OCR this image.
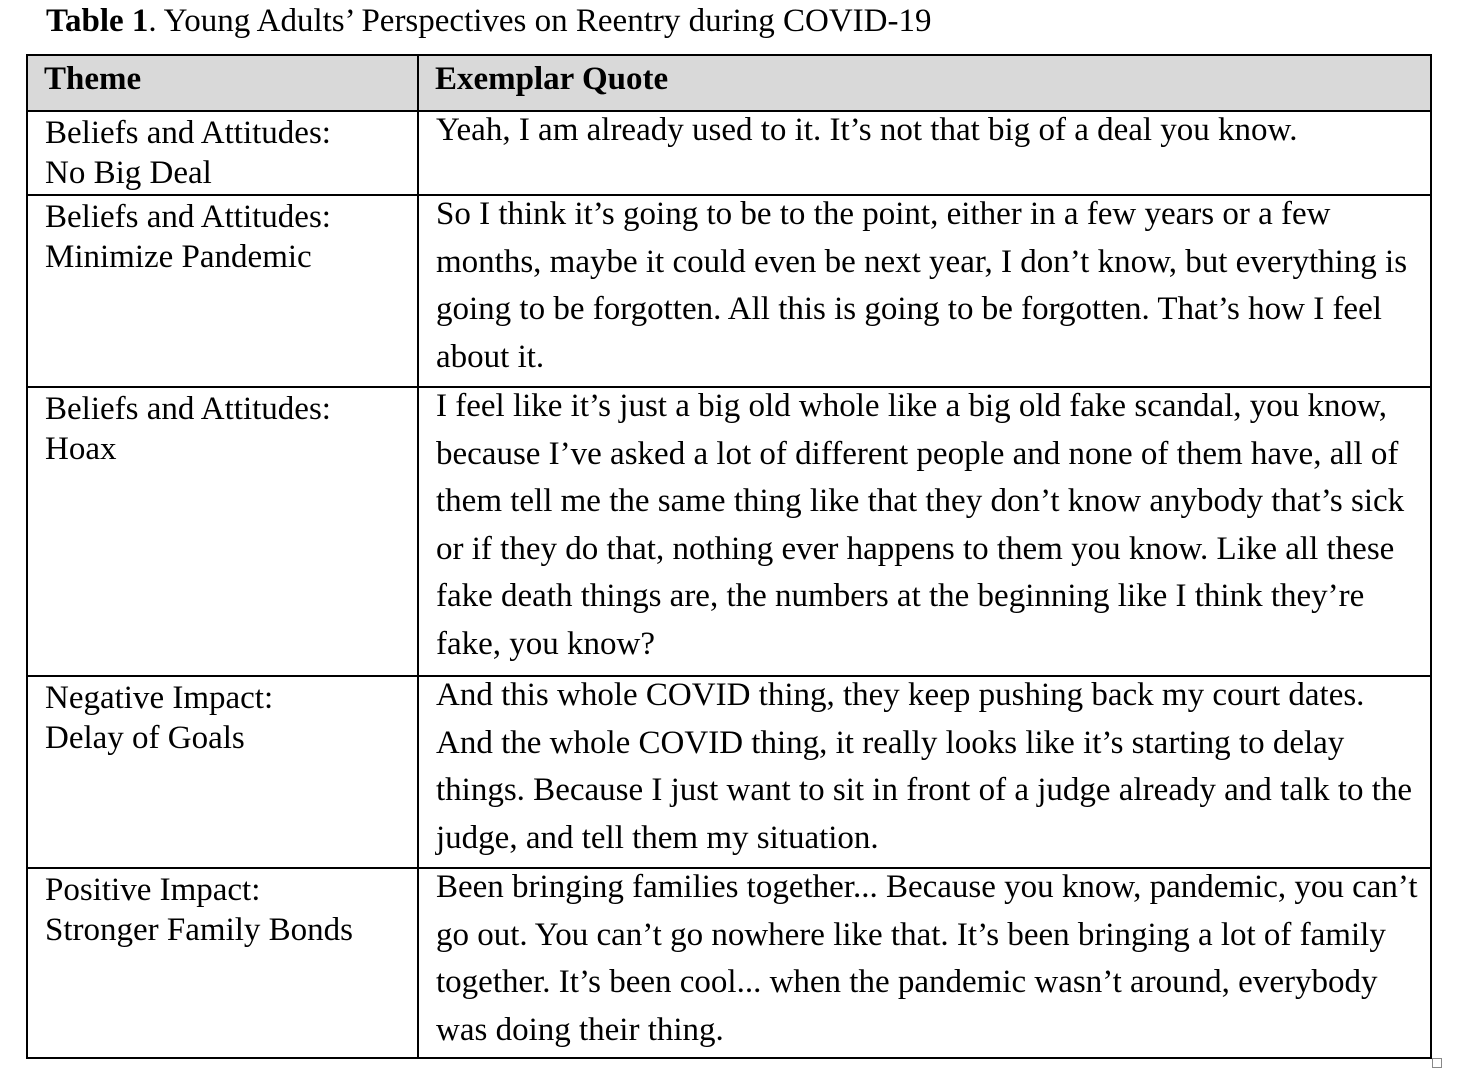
Table 1. Young Adults’ Perspectives on Reentry during COVID-19
Theme	Exemplar Quote

Beliefs and Attitudes:
No Big Deal	Yeah, I am already used to it. It’s not that big of a deal you know.

Beliefs and Attitudes:
Minimize Pandemic	So I think it’s going to be to the point, either in a few years or a few months, maybe it could even be next year, I don’t know, but everything is going to be forgotten. All this is going to be forgotten. That’s how I feel about it.

Beliefs and Attitudes:
Hoax	I feel like it’s just a big old whole like a big old fake scandal, you know, because I’ve asked a lot of different people and none of them have, all of them tell me the same thing like that they don’t know anybody that’s sick or if they do that, nothing ever happens to them you know. Like all these fake death things are, the numbers at the beginning like I think they’re fake, you know?

Negative Impact:
Delay of Goals	And this whole COVID thing, they keep pushing back my court dates. And the whole COVID thing, it really looks like it’s starting to delay things. Because I just want to sit in front of a judge already and talk to the judge, and tell them my situation.

Positive Impact:
Stronger Family Bonds	Been bringing families together... Because you know, pandemic, you can’t go out. You can’t go nowhere like that. It’s been bringing a lot of family together. It’s been cool... when the pandemic wasn’t around, everybody was doing their thing.
